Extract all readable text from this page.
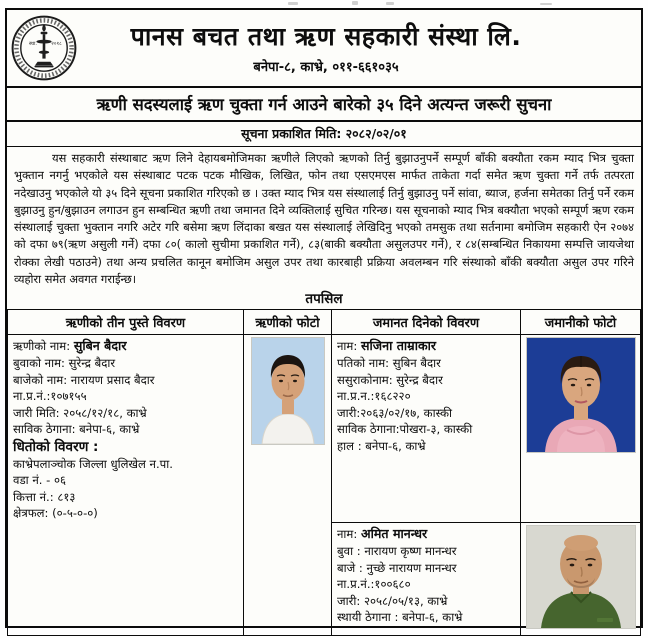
स्था.	२०१८	पानस बचत तथा ऋण सहकारी संस्था लि.
बनेपा-८, काभ्रे, ०११-६६१०३५
ऋणी सदस्यलाई ऋण चुक्ता गर्न आउने बारेको ३५ दिने अत्यन्त जरूरी सुचना
सूचना प्रकाशित मिति: २०८२/०२/०१

यस सहकारी संस्थाबाट ऋण लिने देहायबमोजिमका ऋणीले लिएको ऋणको तिर्नु बुझाउनुपर्ने सम्पूर्ण बाँकी बक्यौता रकम म्याद भित्र चुक्ता भुक्तान नगर्नु भएकोले यस संस्थाबाट पटक पटक मौखिक, लिखित, फोन तथा एसएमएस मार्फत ताकेता गर्दा समेत ऋण चुक्ता गर्ने तर्फ तत्परता नदेखाउनु भएकोले यो ३५ दिने सूचना प्रकाशित गरिएको छ । उक्त म्याद भित्र यस संस्थालाई तिर्नु बुझाउनु पर्ने सांवा, ब्याज, हर्जना समेतका तिर्नु पर्ने रकम बुझाउनु हुन/बुझाउन लगाउन हुन सम्बन्धित ऋणी तथा जमानत दिने व्यक्तिलाई सुचित गरिन्छ। यस सूचनाको म्याद भित्र बक्यौता भएको सम्पूर्ण ऋण रकम संस्थालाई चुक्ता भुक्तान नगरि अटेर गरि बसेमा ऋण लिंदाका बखत यस संस्थालाई लेखिदिनु भएको तमसुक तथा सर्तनामा बमोजिम सहकारी ऐन २०७४ को दफा ७९(ऋण असुली गर्ने) दफा ८०( कालो सुचीमा प्रकाशित गर्ने), ८३(बाकी बक्यौता असुलउपर गर्ने), र ८४(सम्बन्धित निकायमा सम्पत्ति जायजेथा रोक्का लेखी पठाउने) तथा अन्य प्रचलित कानून बमोजिम असुल उपर तथा कारबाही प्रक्रिया अवलम्बन गरि संस्थाको बाँकी बक्यौता असुल उपर गरिने व्यहोरा समेत अवगत गराईन्छ।

तपसिल
ऋणीको तीन पुस्ते विवरण	ऋणीको फोटो	जमानत दिनेको विवरण	जमानीको फोटो

ऋणीको नाम: सुबिन बैदार
बुवाको नाम: सुरेन्द्र बैदार
बाजेको नाम: नारायण प्रसाद बैदार
ना.प्र.नं.:१०७१५५
जारी मिति: २०५८/१२/१८, काभ्रे
साविक ठेगाना: बनेपा-६, काभ्रे
धितोको विवरण :
काभ्रेपलाञ्चोक जिल्ला धुलिखेल न.पा.
वडा नं. - ०६
कित्ता नं.: ८१३
क्षेत्रफल: (०-५-०-०)

नाम: सजिना ताम्राकार
पतिको नाम: सुबिन बैदार
ससुराकोनाम: सुरेन्द्र बैदार
ना.प्र.न.:१६८२२०
जारी:२०६३/०२/१७, कास्की
साविक ठेगाना:पोखरा-३, कास्की
हाल : बनेपा-६, काभ्रे

नाम: अमित मानन्धर
बुवा : नारायण कृष्ण मानन्धर
बाजे : नुच्छे नारायण मानन्धर
ना.प्र.नं.:१००६८०
जारी: २०५८/०५/१३, काभ्रे
स्थायी ठेगाना : बनेपा-६, काभ्रे
